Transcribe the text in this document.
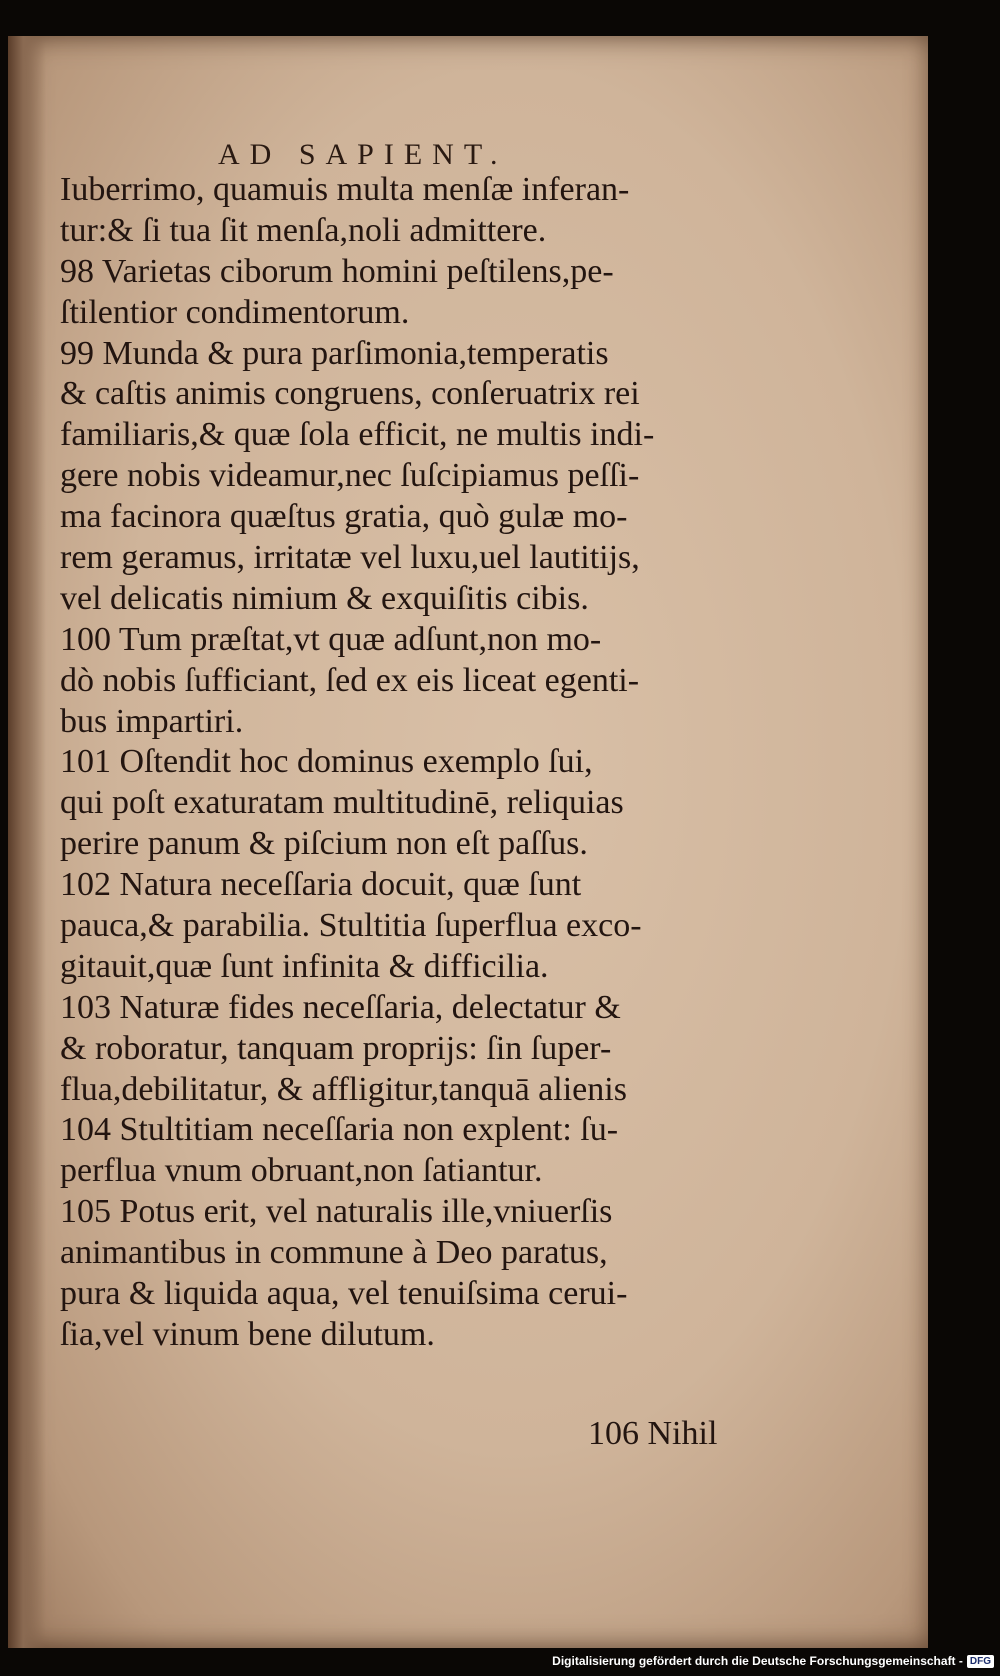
AD SAPIENT.
Iuberrimo, quamuis multa menſæ inferan-
tur:& ſi tua ſit menſa,noli admittere.
98 Varietas ciborum homini peſtilens,pe-
ſtilentior condimentorum.
99 Munda & pura parſimonia,temperatis
& caſtis animis congruens, conſeruatrix rei
familiaris,& quæ ſola efficit, ne multis indi-
gere nobis videamur,nec ſuſcipiamus peſſi-
ma facinora quæſtus gratia, quò gulæ mo-
rem geramus, irritatæ vel luxu,uel lautitijs,
vel delicatis nimium & exquiſitis cibis.
100 Tum præſtat,vt quæ adſunt,non mo-
dò nobis ſufficiant, ſed ex eis liceat egenti-
bus impartiri.
101 Oſtendit hoc dominus exemplo ſui,
qui poſt exaturatam multitudinē, reliquias
perire panum & piſcium non eſt paſſus.
102 Natura neceſſaria docuit, quæ ſunt
pauca,& parabilia. Stultitia ſuperflua exco-
gitauit,quæ ſunt infinita & difficilia.
103 Naturæ fides neceſſaria, delectatur &
& roboratur, tanquam proprijs: ſin ſuper-
flua,debilitatur, & affligitur,tanquā alienis
104 Stultitiam neceſſaria non explent: ſu-
perflua vnum obruant,non ſatiantur.
105 Potus erit, vel naturalis ille,vniuerſis
animantibus in commune à Deo paratus,
pura & liquida aqua, vel tenuiſsima cerui-
ſia,vel vinum bene dilutum.
106 Nihil
Digitalisierung gefördert durch die Deutsche Forschungsgemeinschaft - DFG
